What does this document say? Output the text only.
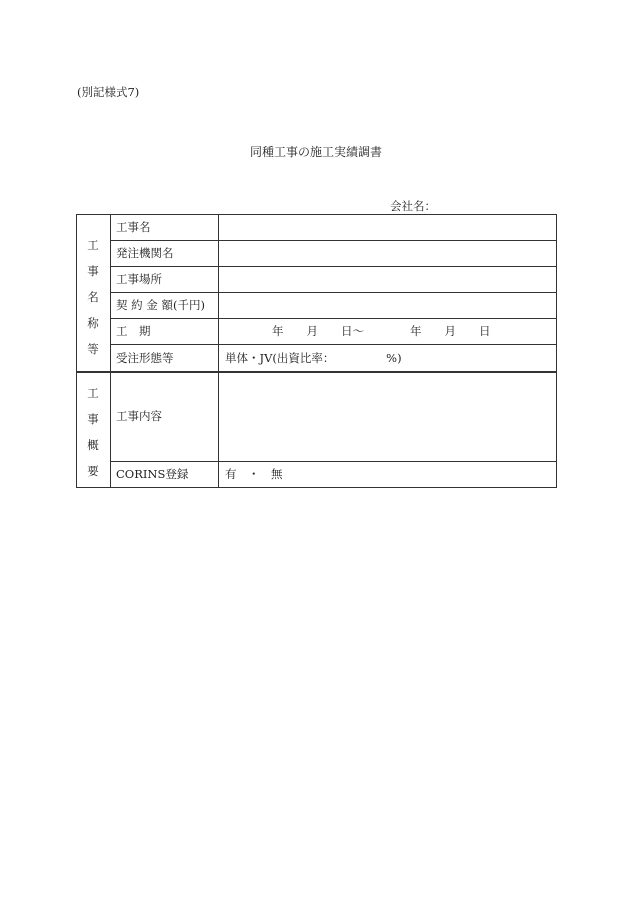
(別記様式7)
同種工事の施工実績調書
会社名：
工
事
名
称
等
工
事
概
要
工事名
発注機関名
工事場所
契 約 金 額(千円)
工　期
受注形態等
工事内容
CORINS登録
年　　月　　日～　　　　年　　月　　日
単体・JV(出資比率：　　　　　%)
有　・　無
